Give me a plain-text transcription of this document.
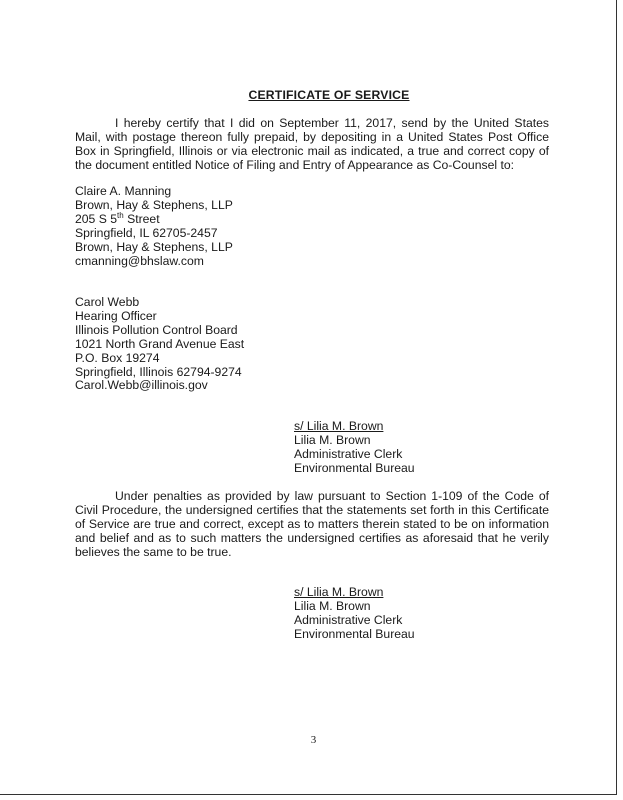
CERTIFICATE OF SERVICE
I hereby certify that I did on September 11, 2017, send by the United States Mail, with postage thereon fully prepaid, by depositing in a United States Post Office Box in Springfield, Illinois or via electronic mail as indicated, a true and correct copy of the document entitled Notice of Filing and Entry of Appearance as Co-Counsel to:
Claire A. Manning
Brown, Hay & Stephens, LLP
205 S 5th Street
Springfield, IL 62705-2457
Brown, Hay & Stephens, LLP
cmanning@bhslaw.com
Carol Webb
Hearing Officer
Illinois Pollution Control Board
1021 North Grand Avenue East
P.O. Box 19274
Springfield, Illinois 62794-9274
Carol.Webb@illinois.gov
s/ Lilia M. Brown
Lilia M. Brown
Administrative Clerk
Environmental Bureau
Under penalties as provided by law pursuant to Section 1-109 of the Code of Civil Procedure, the undersigned certifies that the statements set forth in this Certificate of Service are true and correct, except as to matters therein stated to be on information and belief and as to such matters the undersigned certifies as aforesaid that he verily believes the same to be true.
s/ Lilia M. Brown
Lilia M. Brown
Administrative Clerk
Environmental Bureau
3
